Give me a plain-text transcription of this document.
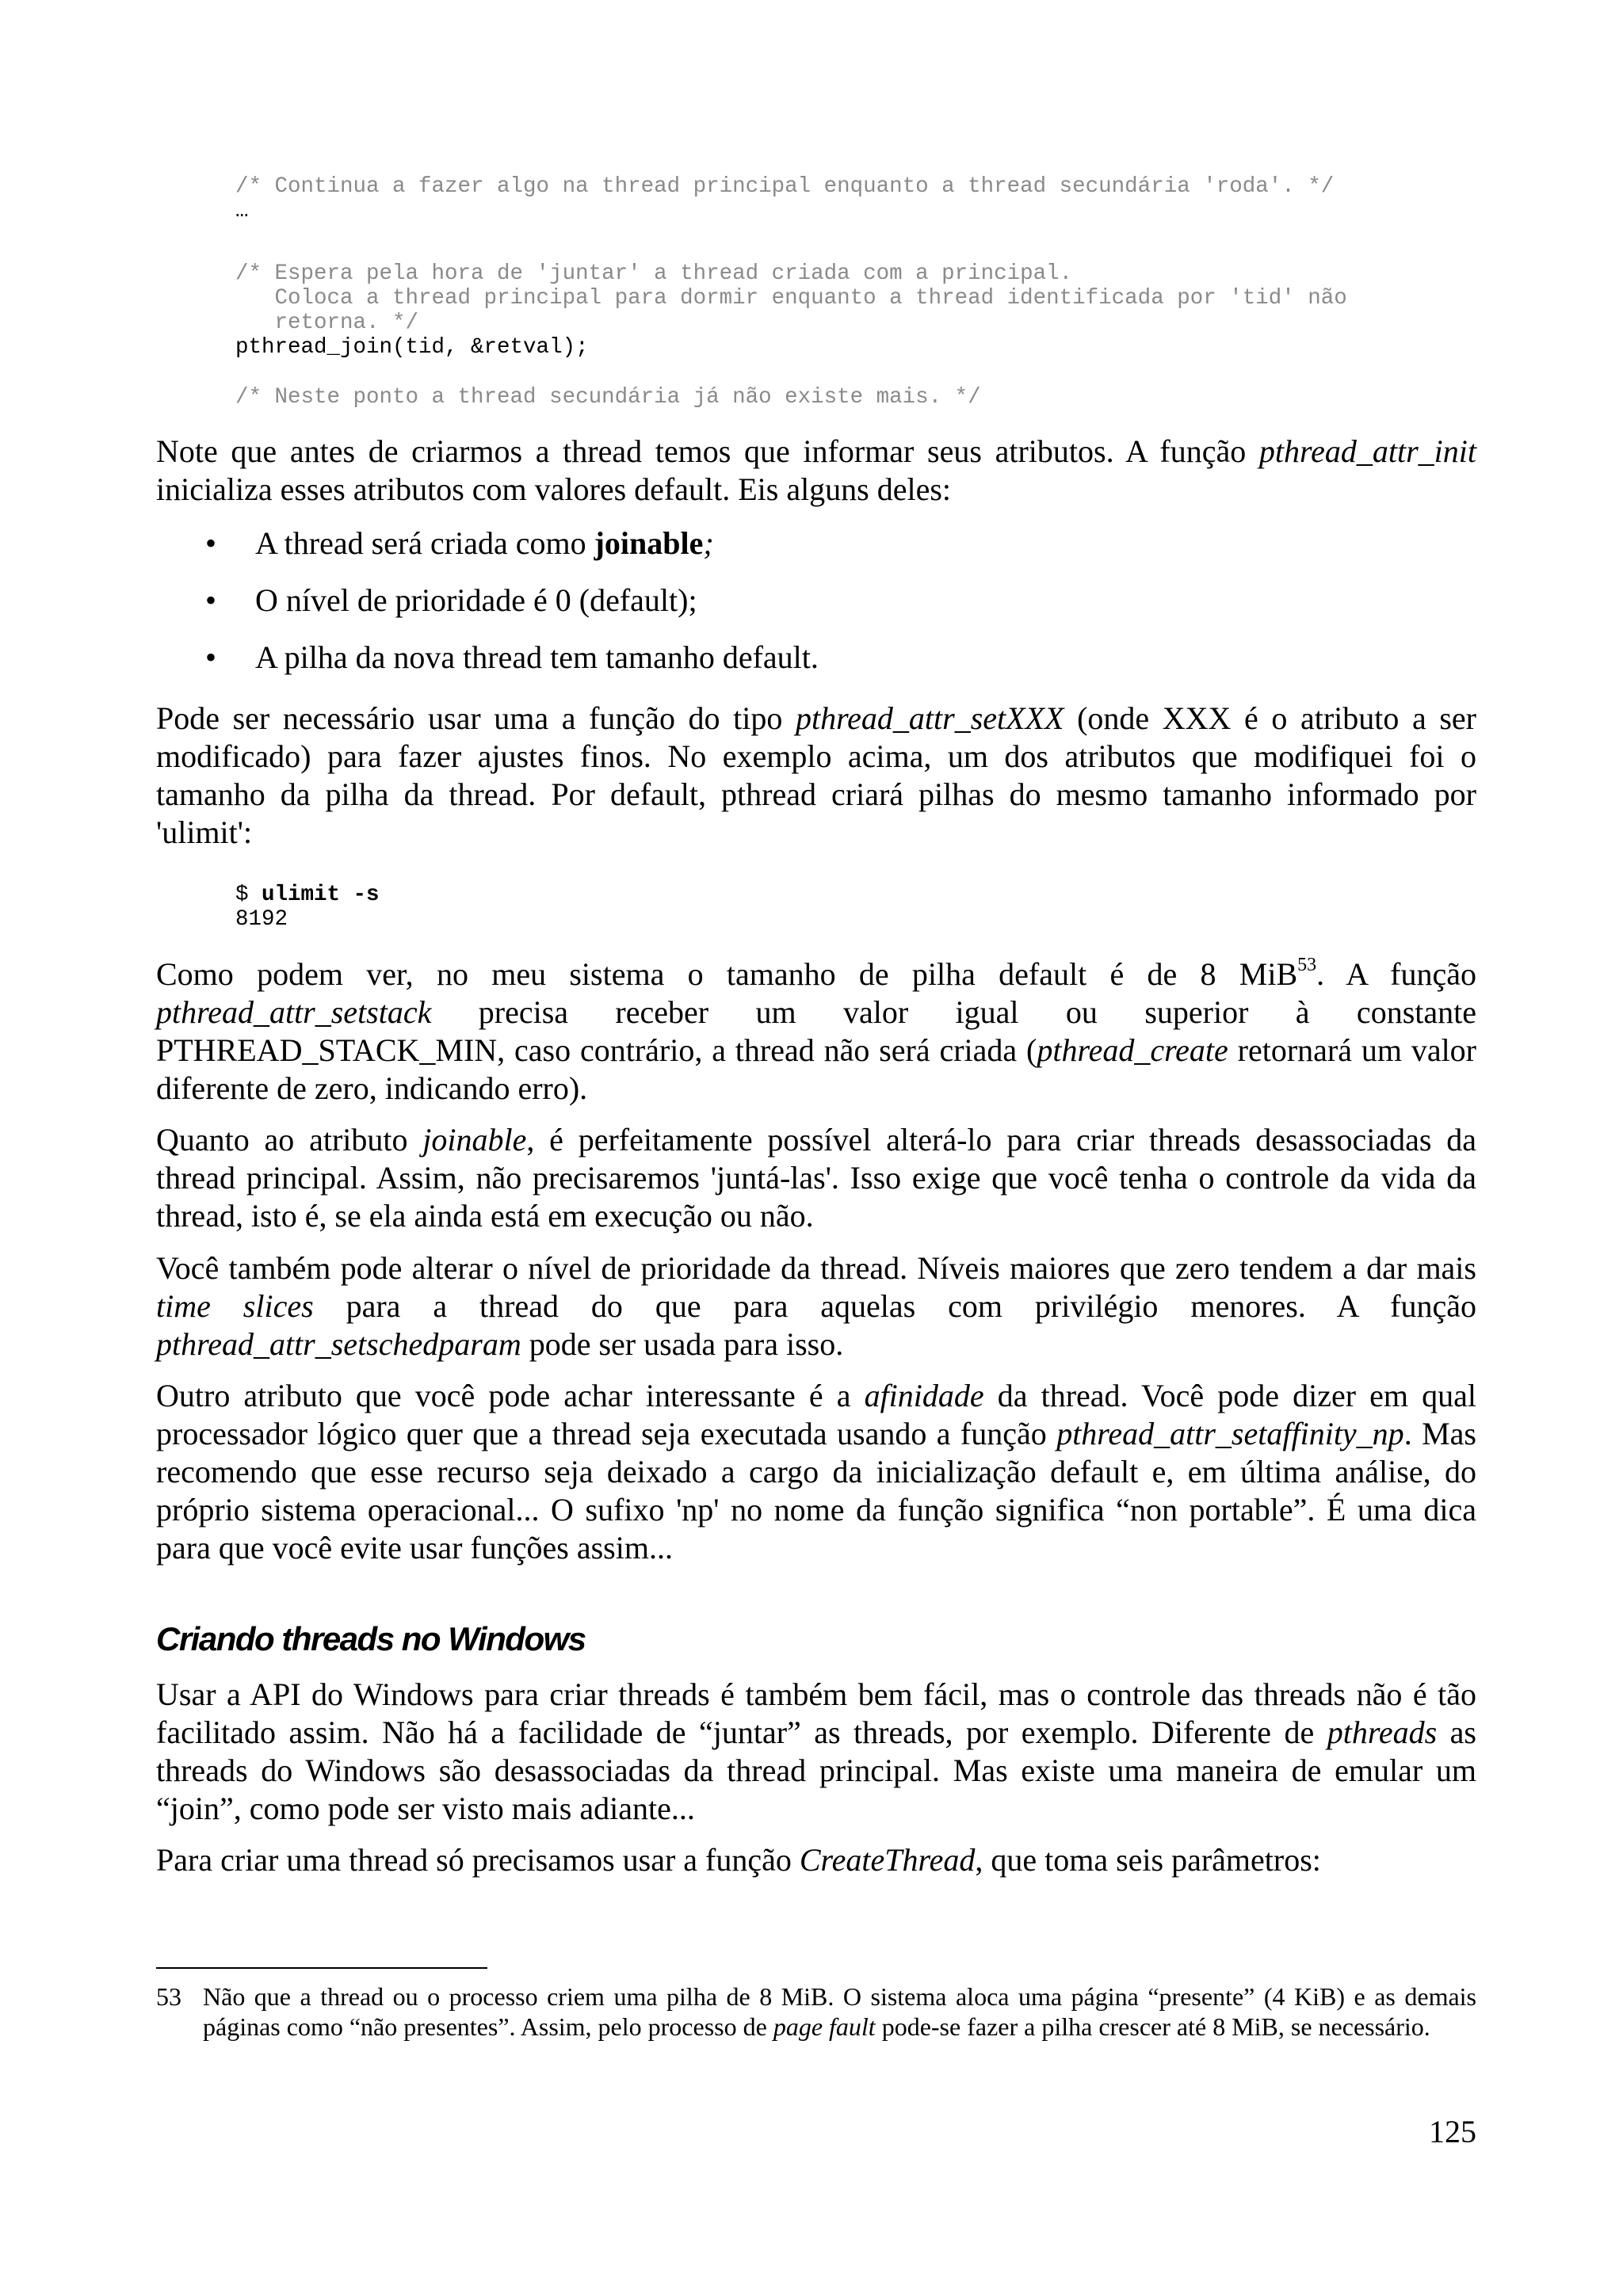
/* Continua a fazer algo na thread principal enquanto a thread secundária 'roda'. */
…
/* Espera pela hora de 'juntar' a thread criada com a principal.
Coloca a thread principal para dormir enquanto a thread identificada por 'tid' não
retorna. */
pthread_join(tid, &retval);
/* Neste ponto a thread secundária já não existe mais. */

Note que antes de criarmos a thread temos que informar seus atributos. A função pthread_attr_init inicializa esses atributos com valores default. Eis alguns deles:

• A thread será criada como joinable;
• O nível de prioridade é 0 (default);
• A pilha da nova thread tem tamanho default.

Pode ser necessário usar uma a função do tipo pthread_attr_setXXX (onde XXX é o atributo a ser modificado) para fazer ajustes finos. No exemplo acima, um dos atributos que modifiquei foi o tamanho da pilha da thread. Por default, pthread criará pilhas do mesmo tamanho informado por 'ulimit':

$ ulimit -s
8192

Como podem ver, no meu sistema o tamanho de pilha default é de 8 MiB$^{53}$. A função pthread_attr_setstack precisa receber um valor igual ou superior à constante PTHREAD_STACK_MIN, caso contrário, a thread não será criada (pthread_create retornará um valor diferente de zero, indicando erro).

Quanto ao atributo joinable, é perfeitamente possível alterá-lo para criar threads desassociadas da thread principal. Assim, não precisaremos 'juntá-las'. Isso exige que você tenha o controle da vida da thread, isto é, se ela ainda está em execução ou não.

Você também pode alterar o nível de prioridade da thread. Níveis maiores que zero tendem a dar mais time slices para a thread do que para aquelas com privilégio menores. A função pthread_attr_setschedparam pode ser usada para isso.

Outro atributo que você pode achar interessante é a afinidade da thread. Você pode dizer em qual processador lógico quer que a thread seja executada usando a função pthread_attr_setaffinity_np. Mas recomendo que esse recurso seja deixado a cargo da inicialização default e, em última análise, do próprio sistema operacional... O sufixo 'np' no nome da função significa “non portable”. É uma dica para que você evite usar funções assim...

Criando threads no Windows

Usar a API do Windows para criar threads é também bem fácil, mas o controle das threads não é tão facilitado assim. Não há a facilidade de “juntar” as threads, por exemplo. Diferente de pthreads as threads do Windows são desassociadas da thread principal. Mas existe uma maneira de emular um “join”, como pode ser visto mais adiante...

Para criar uma thread só precisamos usar a função CreateThread, que toma seis parâmetros:

53 Não que a thread ou o processo criem uma pilha de 8 MiB. O sistema aloca uma página “presente” (4 KiB) e as demais páginas como “não presentes”. Assim, pelo processo de page fault pode-se fazer a pilha crescer até 8 MiB, se necessário.
125
